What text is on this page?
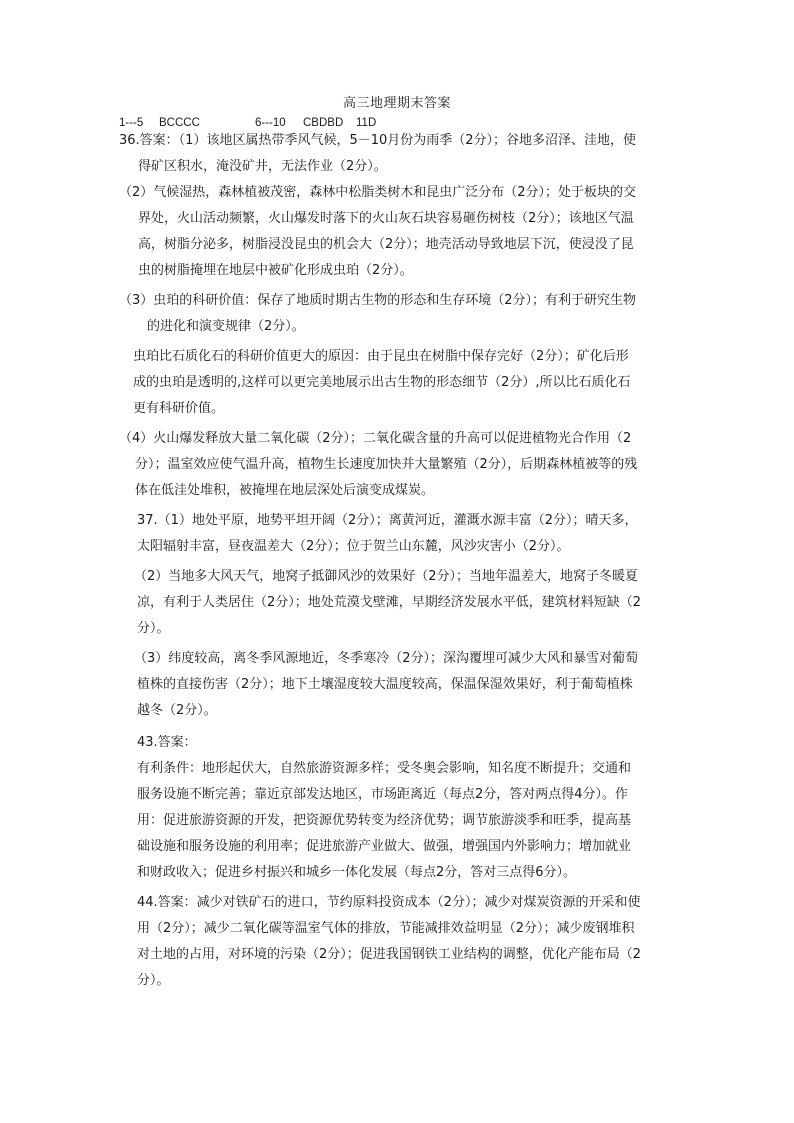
高三地理期末答案
1---5 BCCCC	6---10 CBDBD 11D
36.答案：（1）该地区属热带季风气候，5－10月份为雨季（2分）；谷地多沼泽、洼地，使
得矿区积水，淹没矿井，无法作业（2分）。
（2）气候湿热，森林植被茂密，森林中松脂类树木和昆虫广泛分布（2分）；处于板块的交
界处，火山活动频繁，火山爆发时落下的火山灰石块容易砸伤树枝（2分）；该地区气温
高，树脂分泌多，树脂浸没昆虫的机会大（2分）；地壳活动导致地层下沉，使浸没了昆
虫的树脂掩埋在地层中被矿化形成虫珀（2分）。
（3）虫珀的科研价值：保存了地质时期古生物的形态和生存环境（2分）；有利于研究生物
的进化和演变规律（2分）。
虫珀比石质化石的科研价值更大的原因：由于昆虫在树脂中保存完好（2分）；矿化后形
成的虫珀是透明的,这样可以更完美地展示出古生物的形态细节（2分）,所以比石质化石
更有科研价值。
（4）火山爆发释放大量二氧化碳（2分）；二氧化碳含量的升高可以促进植物光合作用（2
分）；温室效应使气温升高，植物生长速度加快并大量繁殖（2分），后期森林植被等的残
体在低洼处堆积，被掩埋在地层深处后演变成煤炭。
37.（1）地处平原，地势平坦开阔（2分）；离黄河近，灌溉水源丰富（2分）；晴天多，
太阳辐射丰富，昼夜温差大（2分）；位于贺兰山东麓，风沙灾害小（2分）。
（2）当地多大风天气，地窝子抵御风沙的效果好（2分）；当地年温差大，地窝子冬暖夏
凉，有利于人类居住（2分）；地处荒漠戈壁滩，早期经济发展水平低，建筑材料短缺（2
分）。
（3）纬度较高，离冬季风源地近，冬季寒冷（2分）；深沟覆埋可减少大风和暴雪对葡萄
植株的直接伤害（2分）；地下土壤湿度较大温度较高，保温保湿效果好，利于葡萄植株
越冬（2分）。
43.答案：
有利条件：地形起伏大，自然旅游资源多样；受冬奥会影响，知名度不断提升；交通和
服务设施不断完善；靠近京部发达地区，市场距离近（每点2分，答对两点得4分）。作
用：促进旅游资源的开发，把资源优势转变为经济优势；调节旅游淡季和旺季，提高基
础设施和服务设施的利用率；促进旅游产业做大、做强，增强国内外影响力；增加就业
和财政收入；促进乡村振兴和城乡一体化发展（每点2分，答对三点得6分）。
44.答案：减少对铁矿石的进口，节约原料投资成本（2分）；减少对煤炭资源的开采和使
用（2分）；减少二氧化碳等温室气体的排放，节能减排效益明显（2分）；减少废钢堆积
对土地的占用，对环境的污染（2分）；促进我国钢铁工业结构的调整，优化产能布局（2
分）。
